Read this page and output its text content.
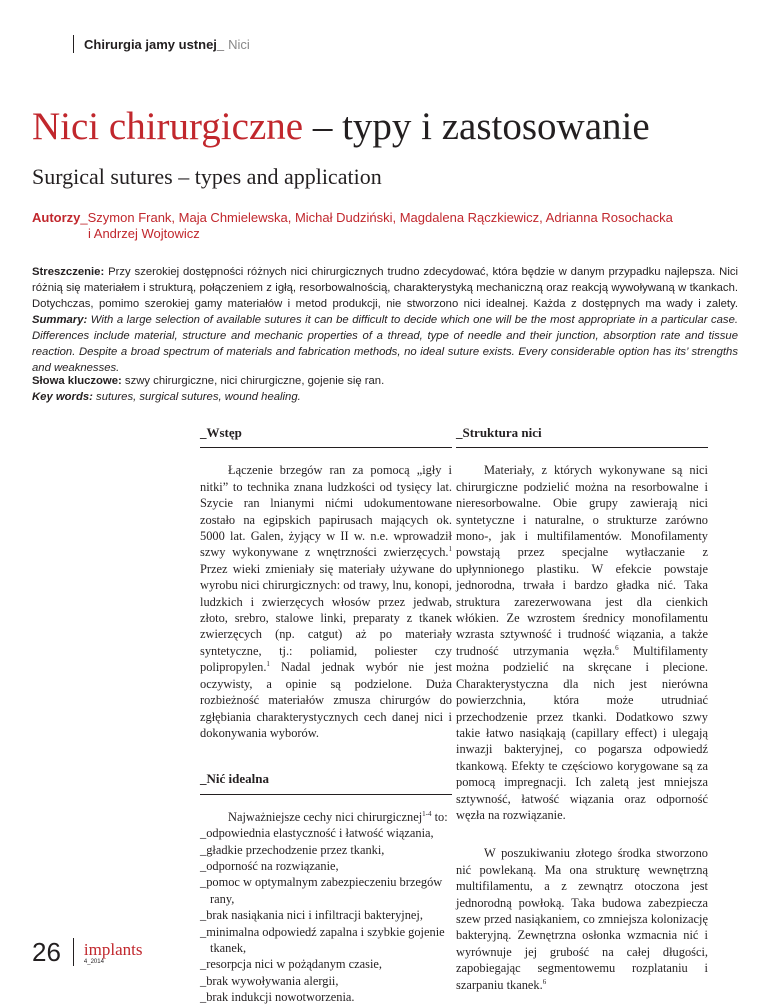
Chirurgia jamy ustnej _ Nici
Nici chirurgiczne – typy i zastosowanie
Surgical sutures – types and application
Autorzy_Szymon Frank, Maja Chmielewska, Michał Dudziński, Magdalena Rączkiewicz, Adrianna Rosochacka
i Andrzej Wojtowicz
Streszczenie: Przy szerokiej dostępności różnych nici chirurgicznych trudno zdecydować, która będzie w danym przypadku najlepsza. Nici różnią się materiałem i strukturą, połączeniem z igłą, resorbowalnością, charakterystyką mechaniczną oraz reakcją wywoływaną w tkankach. Dotychczas, pomimo szerokiej gamy materiałów i metod produkcji, nie stworzono nici idealnej. Każda z dostępnych ma wady i zalety. Summary: With a large selection of available sutures it can be difficult to decide which one will be the most appropriate in a particular case. Differences include material, structure and mechanic properties of a thread, type of needle and their junction, absorption rate and tissue reaction. Despite a broad spectrum of materials and fabrication methods, no ideal suture exists. Every considerable option has its’ strengths and weaknesses.
Słowa kluczowe: szwy chirurgiczne, nici chirurgiczne, gojenie się ran.
Key words: sutures, surgical sutures, wound healing.
_Wstęp

Łączenie brzegów ran za pomocą „igły i nitki” to technika znana ludzkości od tysięcy lat. Szycie ran lnianymi nićmi udokumentowane zostało na egipskich papirusach mających ok. 5000 lat. Galen, żyjący w II w. n.e. wprowadził szwy wykonywane z wnętrzności zwierzęcych.$^1$ Przez wieki zmieniały się materiały używane do wyrobu nici chirurgicznych: od trawy, lnu, konopi, ludzkich i zwierzęcych włosów przez jedwab, złoto, srebro, stalowe linki, preparaty z tkanek zwierzęcych (np. catgut) aż po materiały syntetyczne, tj.: poliamid, poliester czy polipropylen.$^1$ Nadal jednak wybór nie jest oczywisty, a opinie są podzielone. Duża rozbieżność materiałów zmusza chirurgów do zgłębiania charakterystycznych cech danej nici i dokonywania wyborów.

_Nić idealna

Najważniejsze cechy nici chirurgicznej$^{1-4}$ to:

_odpowiednia elastyczność i łatwość wiązania,
_gładkie przechodzenie przez tkanki,
_odporność na rozwiązanie,
_pomoc w optymalnym zabezpieczeniu brzegów rany,
_brak nasiąkania nici i infiltracji bakteryjnej,
_minimalna odpowiedź zapalna i szybkie gojenie tkanek,
_resorpcja nici w pożądanym czasie,
_brak wywoływania alergii,
_brak indukcji nowotworzenia.
_Struktura nici

Materiały, z których wykonywane są nici chirurgiczne podzielić można na resorbowalne i nieresorbowalne. Obie grupy zawierają nici syntetyczne i naturalne, o strukturze zarówno mono-, jak i multifilamentów. Monofilamenty powstają przez specjalne wytłaczanie z upłynnionego plastiku. W efekcie powstaje jednorodna, trwała i bardzo gładka nić. Taka struktura zarezerwowana jest dla cienkich włókien. Ze wzrostem średnicy monofilamentu wzrasta sztywność i trudność wiązania, a także trudność utrzymania węzła.$^6$ Multifilamenty można podzielić na skręcane i plecione. Charakterystyczna dla nich jest nierówna powierzchnia, która może utrudniać przechodzenie przez tkanki. Dodatkowo szwy takie łatwo nasiąkają (capillary effect) i ulegają inwazji bakteryjnej, co pogarsza odpowiedź tkankową. Efekty te częściowo korygowane są za pomocą impregnacji. Ich zaletą jest mniejsza sztywność, łatwość wiązania oraz odporność węzła na rozwiązanie.

W poszukiwaniu złotego środka stworzono nić powlekaną. Ma ona strukturę wewnętrzną multifilamentu, a z zewnątrz otoczona jest jednorodną powłoką. Taka budowa zabezpiecza szew przed nasiąkaniem, co zmniejsza kolonizację bakteryjną. Zewnętrzna osłonka wzmacnia nić i wyrównuje jej grubość na całej długości, zapobiegając segmentowemu rozplataniu i szarpaniu tkanek.$^6$

26 implants
4_2014
